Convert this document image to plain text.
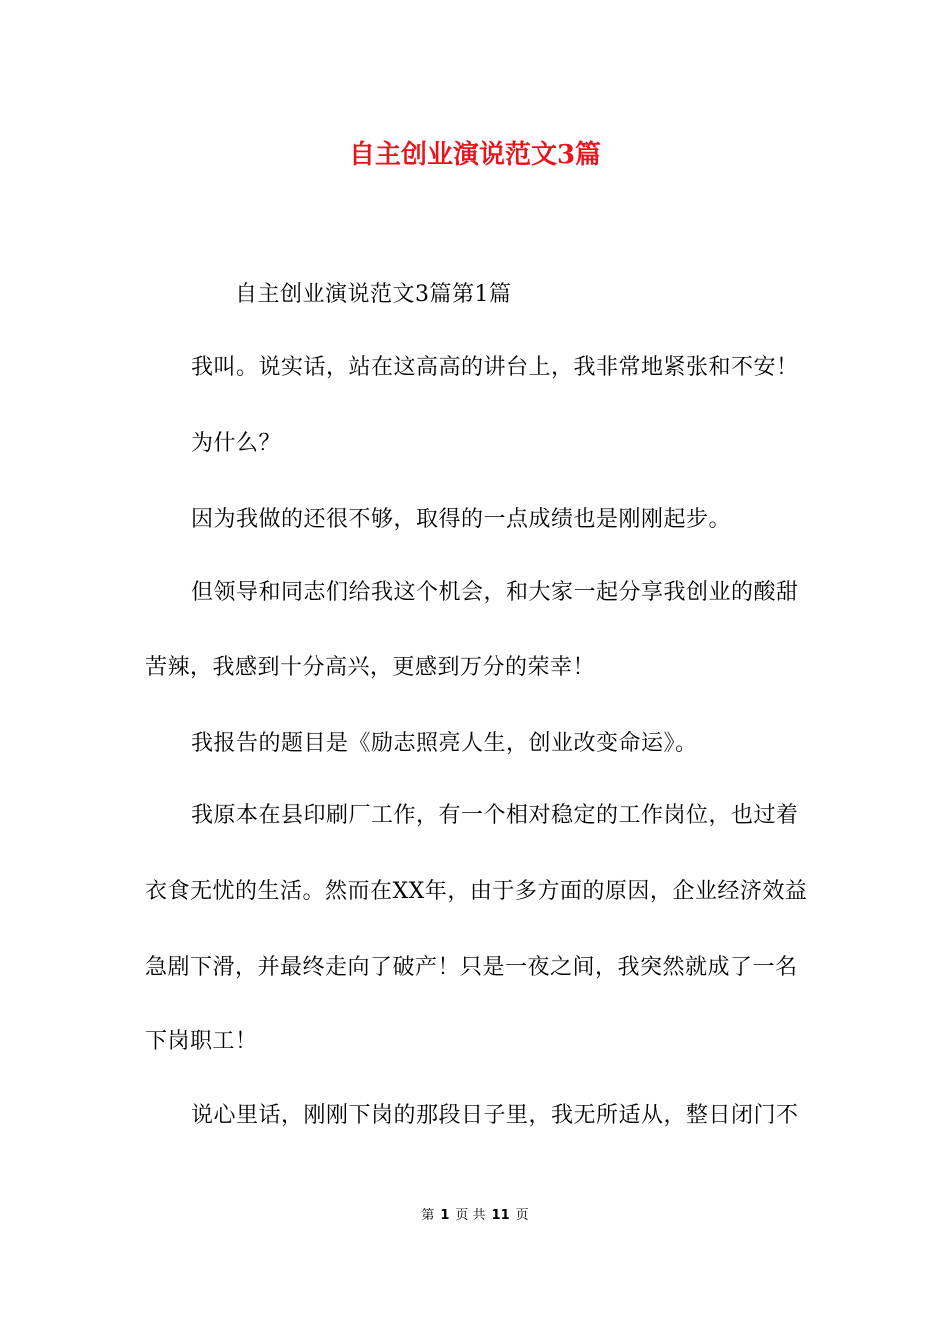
自主创业演说范文3篇
自主创业演说范文3篇第1篇
我叫。说实话，站在这高高的讲台上，我非常地紧张和不安！
为什么？
因为我做的还很不够，取得的一点成绩也是刚刚起步。
但领导和同志们给我这个机会，和大家一起分享我创业的酸甜
苦辣，我感到十分高兴，更感到万分的荣幸！
我报告的题目是《励志照亮人生，创业改变命运》。
我原本在县印刷厂工作，有一个相对稳定的工作岗位，也过着
衣食无忧的生活。然而在XX年，由于多方面的原因，企业经济效益
急剧下滑，并最终走向了破产！只是一夜之间，我突然就成了一名
下岗职工！
说心里话，刚刚下岗的那段日子里，我无所适从，整日闭门不
第 1 页 共 11 页
